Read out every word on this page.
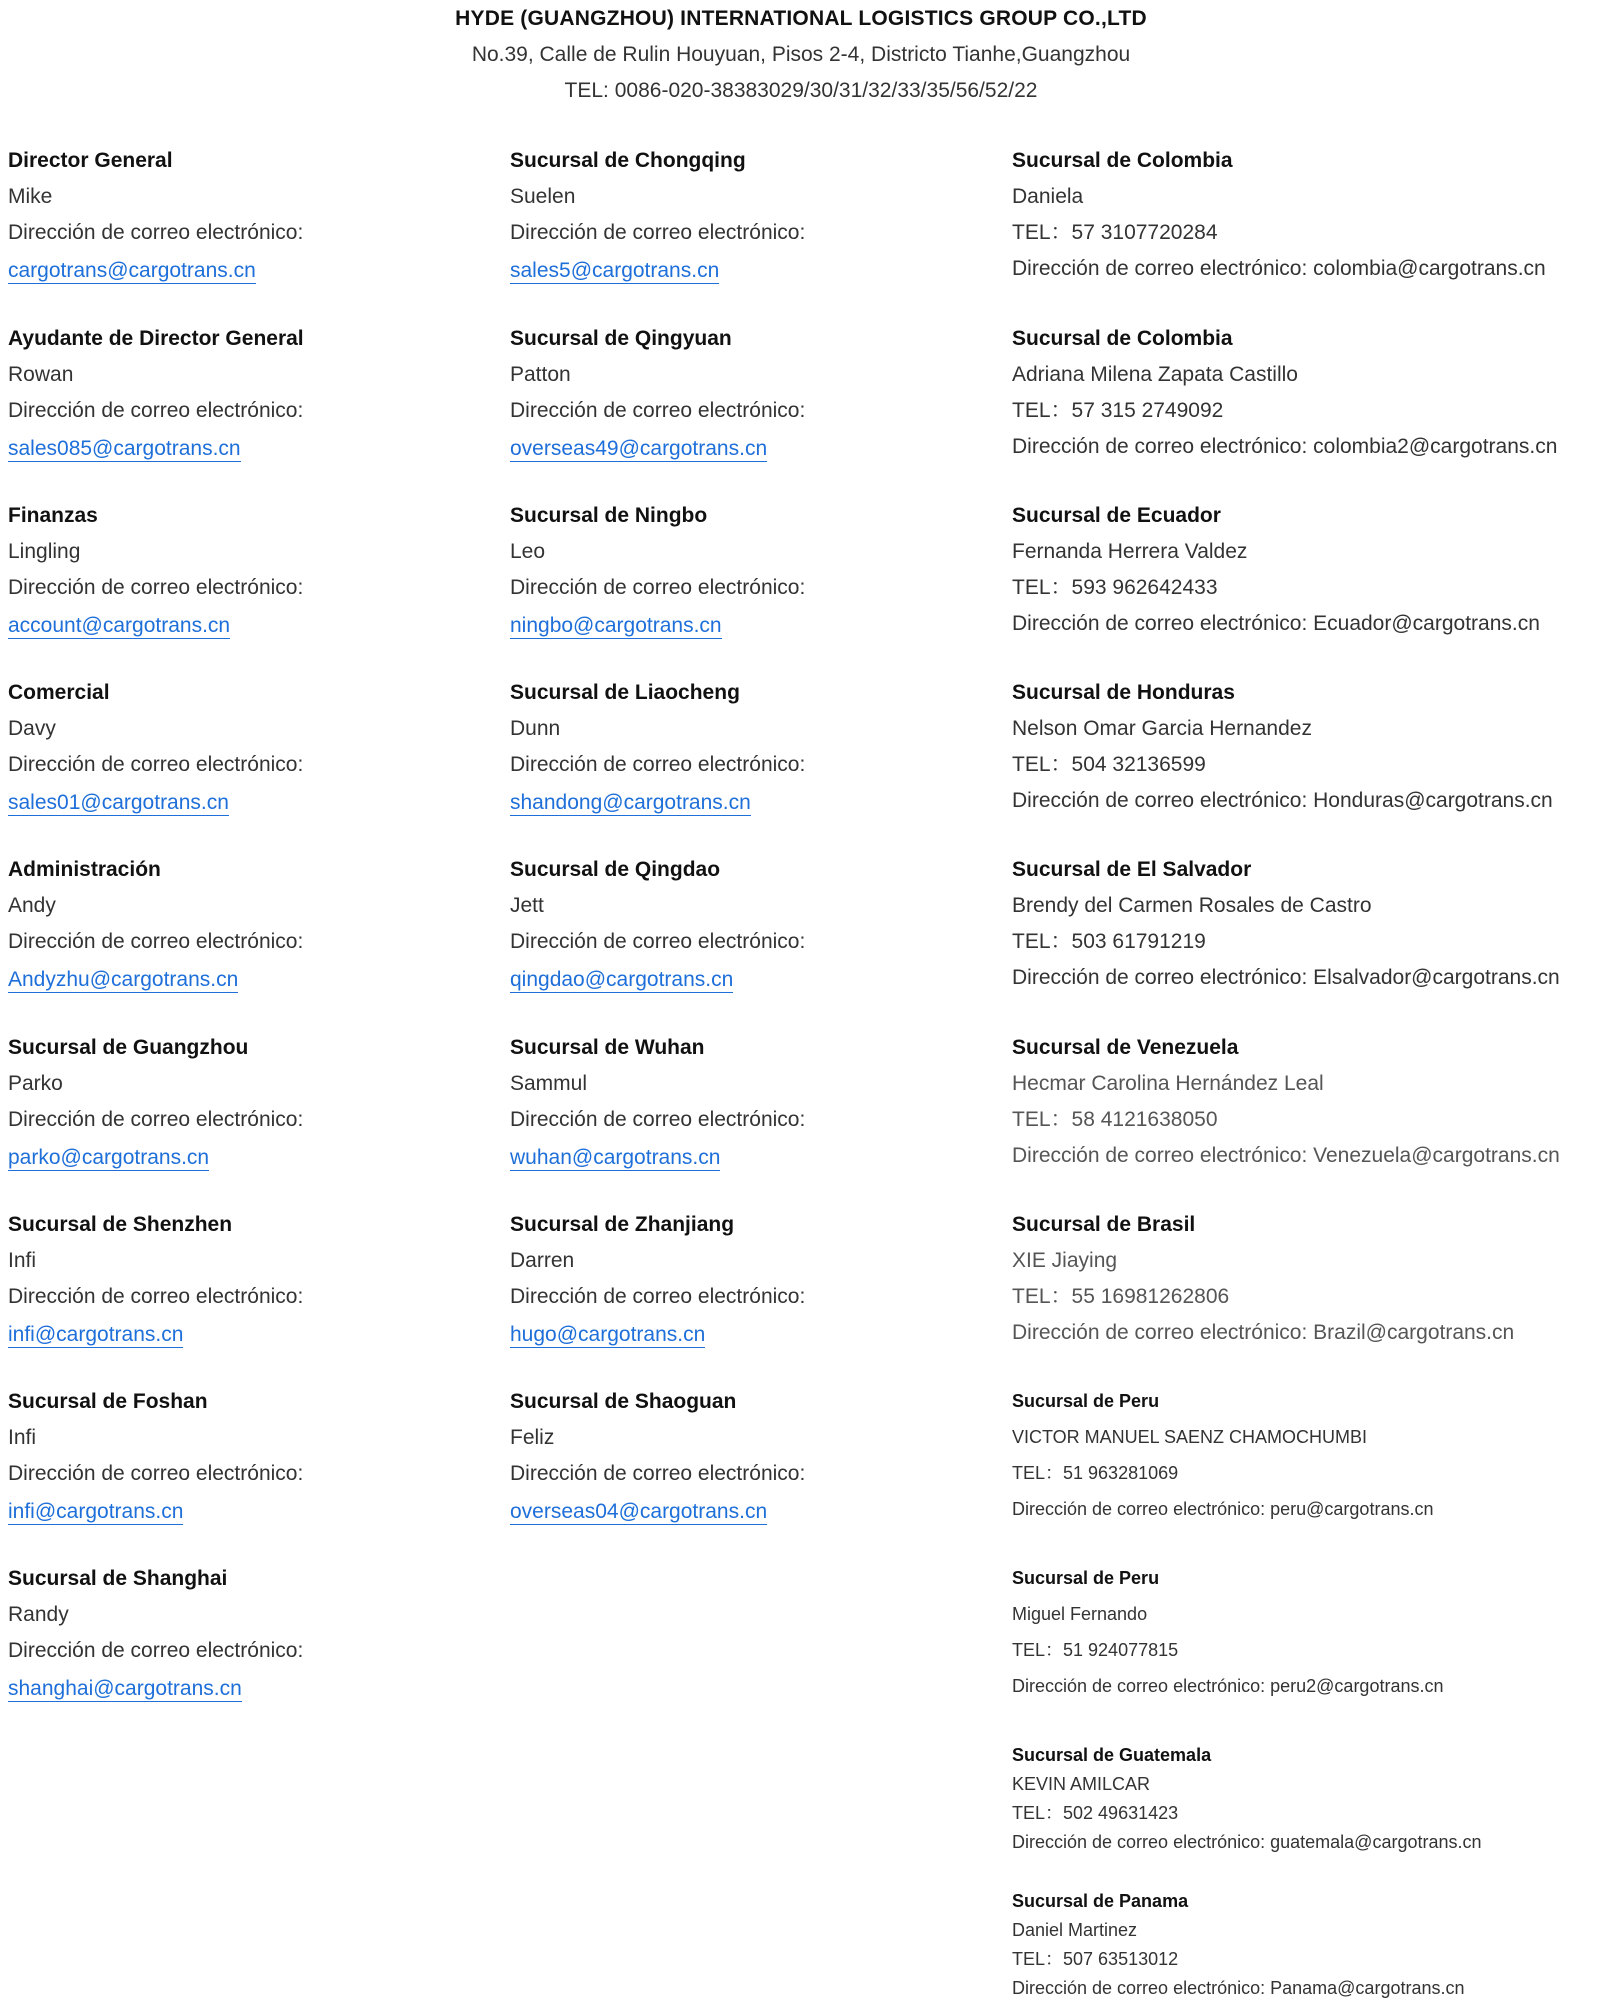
HYDE (GUANGZHOU) INTERNATIONAL LOGISTICS GROUP CO.,LTD
No.39, Calle de Rulin Houyuan, Pisos 2-4, Districto Tianhe,Guangzhou
TEL: 0086-020-38383029/30/31/32/33/35/56/52/22
Director General
Mike
Dirección de correo electrónico:
cargotrans@cargotrans.cn
Ayudante de Director General
Rowan
Dirección de correo electrónico:
sales085@cargotrans.cn
Finanzas
Lingling
Dirección de correo electrónico:
account@cargotrans.cn
Comercial
Davy
Dirección de correo electrónico:
sales01@cargotrans.cn
Administración
Andy
Dirección de correo electrónico:
Andyzhu@cargotrans.cn
Sucursal de Guangzhou
Parko
Dirección de correo electrónico:
parko@cargotrans.cn
Sucursal de Shenzhen
Infi
Dirección de correo electrónico:
infi@cargotrans.cn
Sucursal de Foshan
Infi
Dirección de correo electrónico:
infi@cargotrans.cn
Sucursal de Shanghai
Randy
Dirección de correo electrónico:
shanghai@cargotrans.cn
Sucursal de Chongqing
Suelen
Dirección de correo electrónico:
sales5@cargotrans.cn
Sucursal de Qingyuan
Patton
Dirección de correo electrónico:
overseas49@cargotrans.cn
Sucursal de Ningbo
Leo
Dirección de correo electrónico:
ningbo@cargotrans.cn
Sucursal de Liaocheng
Dunn
Dirección de correo electrónico:
shandong@cargotrans.cn
Sucursal de Qingdao
Jett
Dirección de correo electrónico:
qingdao@cargotrans.cn
Sucursal de Wuhan
Sammul
Dirección de correo electrónico:
wuhan@cargotrans.cn
Sucursal de Zhanjiang
Darren
Dirección de correo electrónico:
hugo@cargotrans.cn
Sucursal de Shaoguan
Feliz
Dirección de correo electrónico:
overseas04@cargotrans.cn
Sucursal de Colombia
Daniela
TEL：57 3107720284
Dirección de correo electrónico: colombia@cargotrans.cn
Sucursal de Colombia
Adriana Milena Zapata Castillo
TEL：57 315 2749092
Dirección de correo electrónico: colombia2@cargotrans.cn
Sucursal de Ecuador
Fernanda Herrera Valdez
TEL：593 962642433
Dirección de correo electrónico: Ecuador@cargotrans.cn
Sucursal de Honduras
Nelson Omar Garcia Hernandez
TEL：504 32136599
Dirección de correo electrónico: Honduras@cargotrans.cn
Sucursal de El Salvador
Brendy del Carmen Rosales de Castro
TEL：503 61791219
Dirección de correo electrónico: Elsalvador@cargotrans.cn
Sucursal de Venezuela
Hecmar Carolina Hernández Leal
TEL：58 4121638050
Dirección de correo electrónico: Venezuela@cargotrans.cn
Sucursal de Brasil
XIE Jiaying
TEL：55 16981262806
Dirección de correo electrónico: Brazil@cargotrans.cn
Sucursal de Peru
VICTOR MANUEL SAENZ CHAMOCHUMBI
TEL：51 963281069
Dirección de correo electrónico: peru@cargotrans.cn
Sucursal de Peru
Miguel Fernando
TEL：51 924077815
Dirección de correo electrónico: peru2@cargotrans.cn
Sucursal de Guatemala
KEVIN AMILCAR
TEL：502 49631423
Dirección de correo electrónico: guatemala@cargotrans.cn
Sucursal de Panama
Daniel Martinez
TEL：507 63513012
Dirección de correo electrónico: Panama@cargotrans.cn
